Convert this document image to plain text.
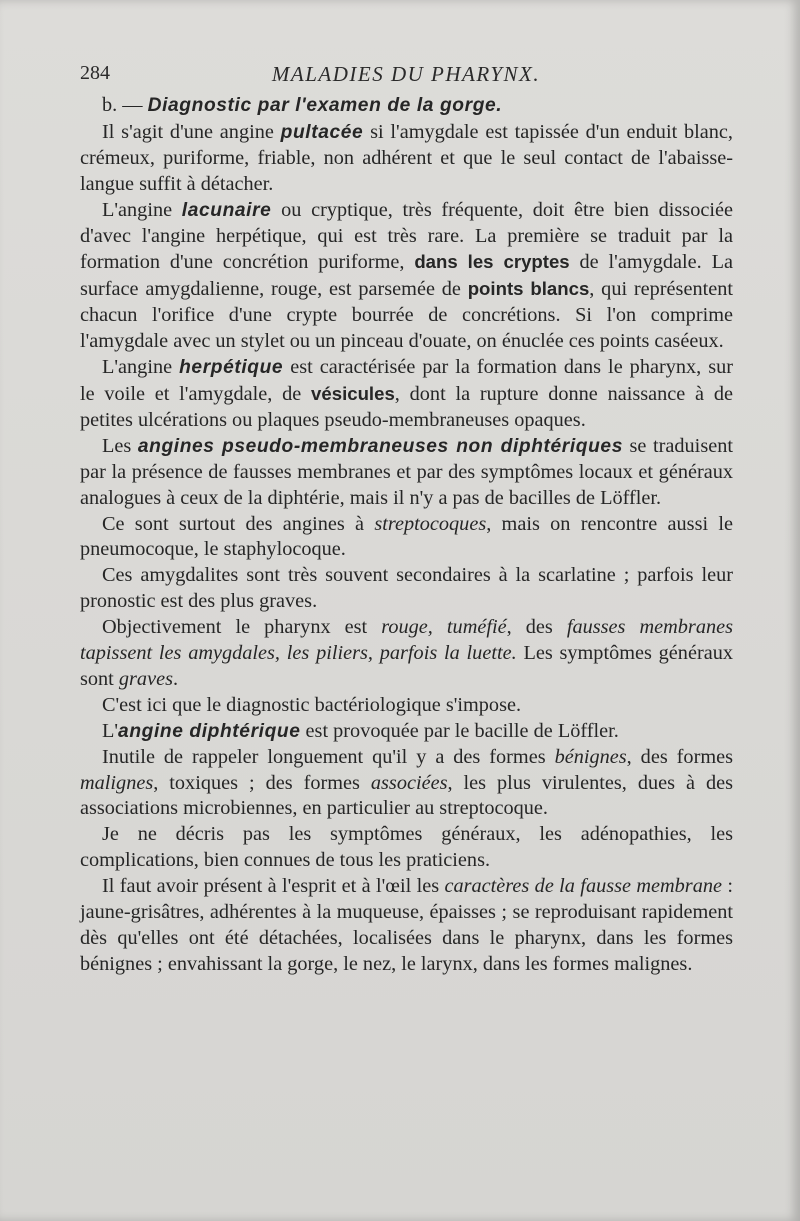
284	MALADIES DU PHARYNX.

b. — Diagnostic par l'examen de la gorge.

Il s'agit d'une angine pultacée si l'amygdale est tapissée d'un enduit blanc, crémeux, puriforme, friable, non adhérent et que le seul contact de l'abaisse-langue suffit à détacher.

L'angine lacunaire ou cryptique, très fréquente, doit être bien dissociée d'avec l'angine herpétique, qui est très rare. La première se traduit par la formation d'une concrétion puriforme, dans les cryptes de l'amygdale. La surface amygdalienne, rouge, est parsemée de points blancs, qui représentent chacun l'orifice d'une crypte bourrée de concrétions. Si l'on comprime l'amygdale avec un stylet ou un pinceau d'ouate, on énuclée ces points caséeux.

L'angine herpétique est caractérisée par la formation dans le pharynx, sur le voile et l'amygdale, de vésicules, dont la rupture donne naissance à de petites ulcérations ou plaques pseudo-membraneuses opaques.

Les angines pseudo-membraneuses non diphtériques se traduisent par la présence de fausses membranes et par des symptômes locaux et généraux analogues à ceux de la diphtérie, mais il n'y a pas de bacilles de Löffler.

Ce sont surtout des angines à streptocoques, mais on rencontre aussi le pneumocoque, le staphylocoque.

Ces amygdalites sont très souvent secondaires à la scarlatine ; parfois leur pronostic est des plus graves.

Objectivement le pharynx est rouge, tuméfié, des fausses membranes tapissent les amygdales, les piliers, parfois la luette. Les symptômes généraux sont graves.

C'est ici que le diagnostic bactériologique s'impose.

L'angine diphtérique est provoquée par le bacille de Löffler.

Inutile de rappeler longuement qu'il y a des formes bénignes, des formes malignes, toxiques ; des formes associées, les plus virulentes, dues à des associations microbiennes, en particulier au streptocoque.

Je ne décris pas les symptômes généraux, les adénopathies, les complications, bien connues de tous les praticiens.

Il faut avoir présent à l'esprit et à l'œil les caractères de la fausse membrane : jaune-grisâtres, adhérentes à la muqueuse, épaisses ; se reproduisant rapidement dès qu'elles ont été détachées, localisées dans le pharynx, dans les formes bénignes ; envahissant la gorge, le nez, le larynx, dans les formes malignes.
